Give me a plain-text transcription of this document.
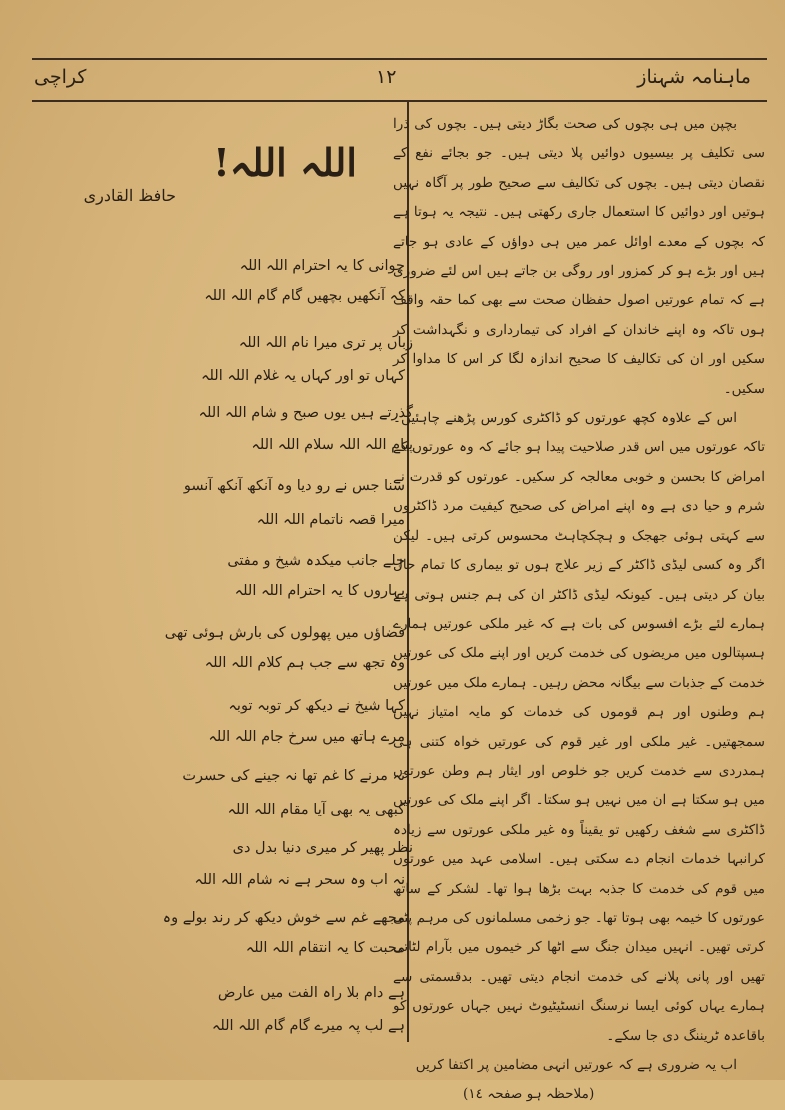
ماہنامہ شہناز
١٢
کراچی
اللہ اللہ!
حافظ القادری
جوانی کا یہ احترام اللہ اللہ
کہ آنکھیں بچھیں گام گام اللہ اللہ
زباں پر تری میرا نام اللہ اللہ
کہاں تو اور کہاں یہ غلام اللہ اللہ
گذرتے ہیں یوں صبح و شام اللہ اللہ
پیام اللہ اللہ سلام اللہ اللہ
سنا جس نے رو دیا وہ آنکھ آنکھ آنسو
میرا قصہ ناتمام اللہ اللہ
چلے جانب میکدہ شیخ و مفتی
بہاروں کا یہ احترام اللہ اللہ
فضاؤں میں پھولوں کی بارش ہوئی تھی
وہ تجھ سے جب ہم کلام اللہ اللہ
کہا شیخ نے دیکھ کر توبہ توبہ
مرے ہاتھ میں سرخ جام اللہ اللہ
نہ مرنے کا غم تھا نہ جینے کی حسرت
کبھی یہ بھی آیا مقام اللہ اللہ
نظر پھیر کر میری دنیا بدل دی
نہ اب وہ سحر ہے نہ شام اللہ اللہ
مجھے غم سے خوش دیکھ کر رند بولے وہ
محبت کا یہ انتقام اللہ اللہ
ہے دام بلا راہ الفت میں عارض
ہے لب پہ میرے گام گام اللہ اللہ

بچپن میں ہی بچوں کی صحت بگاڑ دیتی ہیں۔ بچوں کی ذرا سی تکلیف پر بیسیوں دوائیں پلا دیتی ہیں۔ جو بجائے نفع کے نقصان دیتی ہیں۔ بچوں کی تکالیف سے صحیح طور پر آگاہ نہیں ہوتیں اور دوائیں کا استعمال جاری رکھتی ہیں۔ نتیجہ یہ ہوتا ہے کہ بچوں کے معدے اوائل عمر میں ہی دواؤں کے عادی ہو جاتے ہیں اور بڑے ہو کر کمزور اور روگی بن جاتے ہیں اس لئے ضروری ہے کہ تمام عورتیں اصول حفظان صحت سے بھی کما حقہ واقف ہوں تاکہ وہ اپنے خاندان کے افراد کی تیمارداری و نگہداشت کر سکیں اور ان کی تکالیف کا صحیح اندازہ لگا کر اس کا مداوا کر سکیں۔

اس کے علاوہ کچھ عورتوں کو ڈاکٹری کورس پڑھنے چاہئیں۔ تاکہ عورتوں میں اس قدر صلاحیت پیدا ہو جائے کہ وہ عورتوں کے امراض کا بحسن و خوبی معالجہ کر سکیں۔ عورتوں کو قدرت نے شرم و حیا دی ہے وہ اپنے امراض کی صحیح کیفیت مرد ڈاکٹروں سے کہتی ہوئی جھجک و ہچکچاہٹ محسوس کرتی ہیں۔ لیکن اگر وہ کسی لیڈی ڈاکٹر کے زیر علاج ہوں تو بیماری کا تمام حال بیان کر دیتی ہیں۔ کیونکہ لیڈی ڈاکٹر ان کی ہم جنس ہوتی ہے ہمارے لئے بڑے افسوس کی بات ہے کہ غیر ملکی عورتیں ہمارے ہسپتالوں میں مریضوں کی خدمت کریں اور اپنے ملک کی عورتیں خدمت کے جذبات سے بیگانہ محض رہیں۔ ہمارے ملک میں عورتیں ہم وطنوں اور ہم قوموں کی خدمات کو مایہ امتیاز نہیں سمجھتیں۔ غیر ملکی اور غیر قوم کی عورتیں خواہ کتنی ہی ہمدردی سے خدمت کریں جو خلوص اور ایثار ہم وطن عورتوں میں ہو سکتا ہے ان میں نہیں ہو سکتا۔ اگر اپنے ملک کی عورتیں ڈاکٹری سے شغف رکھیں تو یقیناً وہ غیر ملکی عورتوں سے زیادہ کرانبہا خدمات انجام دے سکتی ہیں۔ اسلامی عہد میں عورتوں میں قوم کی خدمت کا جذبہ بہت بڑھا ہوا تھا۔ لشکر کے ساتھ عورتوں کا خیمہ بھی ہوتا تھا۔ جو زخمی مسلمانوں کی مرہم پٹی کرتی تھیں۔ انہیں میدان جنگ سے اٹھا کر خیموں میں بآرام لٹاتی تھیں اور پانی پلانے کی خدمت انجام دیتی تھیں۔ بدقسمتی سے ہمارے یہاں کوئی ایسا نرسنگ انسٹیٹیوٹ نہیں جہاں عورتوں کو باقاعدہ ٹریننگ دی جا سکے۔

اب یہ ضروری ہے کہ عورتیں انہی مضامین پر اکتفا کریں

(ملاحظہ ہو صفحہ ١٤)
